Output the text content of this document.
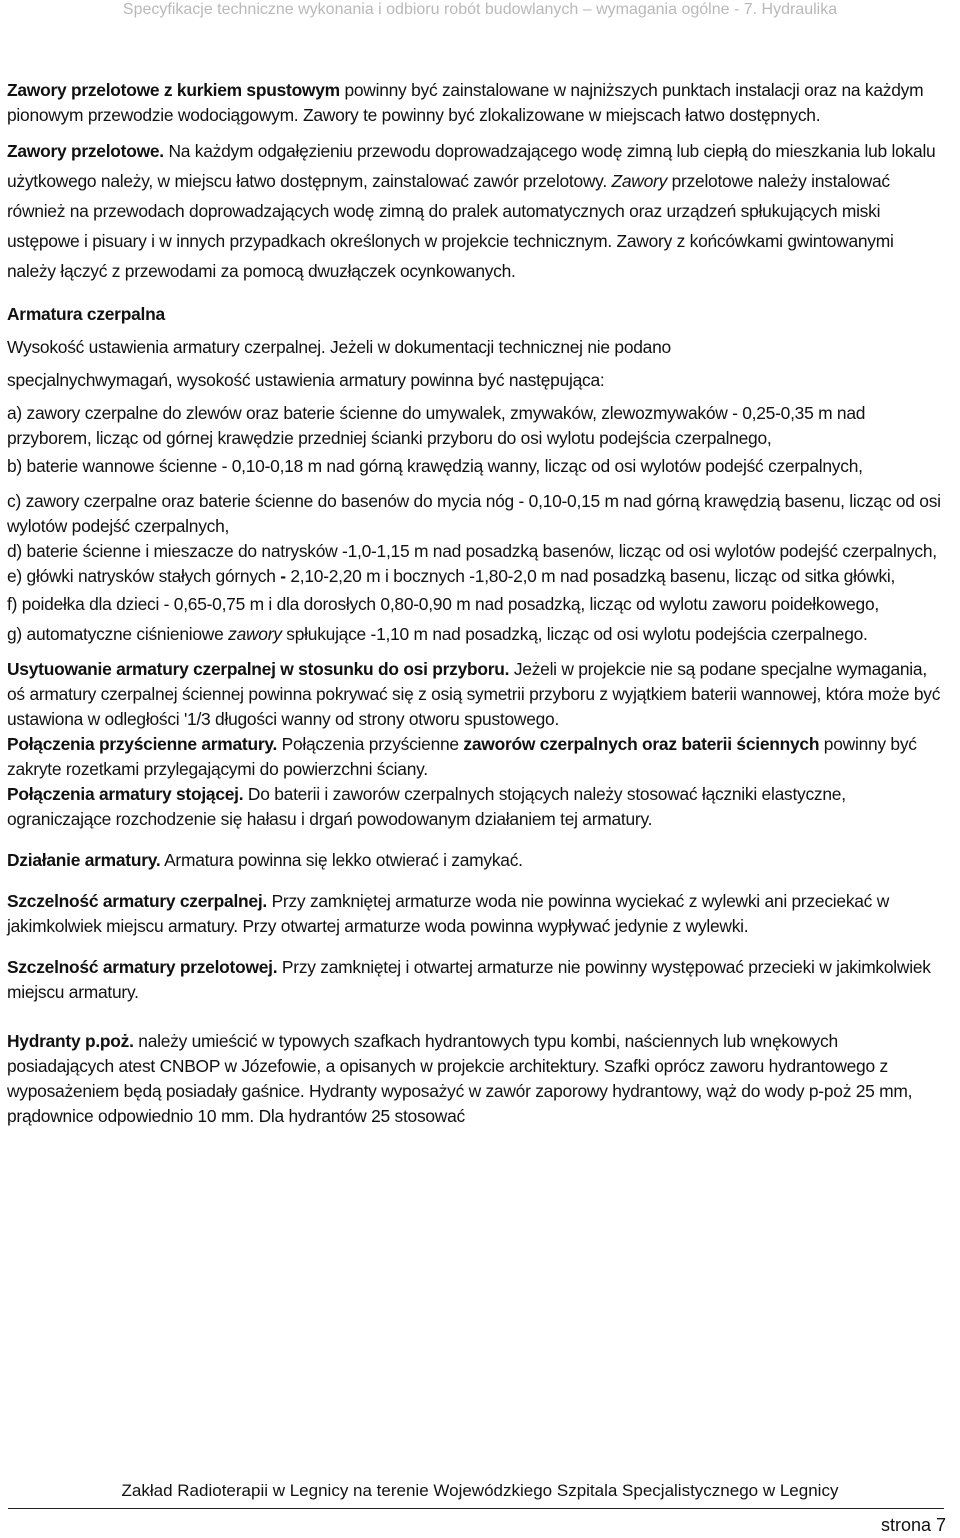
Specyfikacje techniczne wykonania i odbioru robót budowlanych – wymagania ogólne - 7. Hydraulika

Zawory przelotowe z kurkiem spustowym powinny być zainstalowane w najniższych punktach instalacji oraz na każdym pionowym przewodzie wodociągowym. Zawory te powinny być zlokalizowane w miejscach łatwo dostępnych.

Zawory przelotowe. Na każdym odgałęzieniu przewodu doprowadzającego wodę zimną lub ciepłą do mieszkania lub lokalu użytkowego należy, w miejscu łatwo dostępnym, zainstalować zawór przelotowy. Zawory przelotowe należy instalować również na przewodach doprowadzających wodę zimną do pralek automatycznych oraz urządzeń spłukujących miski ustępowe i pisuary i w innych przypadkach określonych w projekcie technicznym. Zawory z końcówkami gwintowanymi należy łączyć z przewodami za pomocą dwuzłączek ocynkowanych.

Armatura czerpalna

Wysokość ustawienia armatury czerpalnej. Jeżeli w dokumentacji technicznej nie podano

specjalnychwymagań, wysokość ustawienia armatury powinna być następująca:

a) zawory czerpalne do zlewów oraz baterie ścienne do umywalek, zmywaków, zlewozmywaków - 0,25-0,35 m nad przyborem, licząc od górnej krawędzie przedniej ścianki przyboru do osi wylotu podejścia czerpalnego,

b) baterie wannowe ścienne - 0,10-0,18 m nad górną krawędzią wanny, licząc od osi wylotów podejść czerpalnych,

c) zawory czerpalne oraz baterie ścienne do basenów do mycia nóg - 0,10-0,15 m nad górną krawędzią basenu, licząc od osi wylotów podejść czerpalnych,

d) baterie ścienne i mieszacze do natrysków -1,0-1,15 m nad posadzką basenów, licząc od osi wylotów podejść czerpalnych,

e) główki natrysków stałych górnych - 2,10-2,20 m i bocznych -1,80-2,0 m nad posadzką basenu, licząc od sitka główki,

f) poidełka dla dzieci - 0,65-0,75 m i dla dorosłych 0,80-0,90 m nad posadzką, licząc od wylotu zaworu poidełkowego,

g) automatyczne ciśnieniowe zawory spłukujące -1,10 m nad posadzką, licząc od osi wylotu podejścia czerpalnego.

Usytuowanie armatury czerpalnej w stosunku do osi przyboru. Jeżeli w projekcie nie są podane specjalne wymagania, oś armatury czerpalnej ściennej powinna pokrywać się z osią symetrii przyboru z wyjątkiem baterii wannowej, która może być ustawiona w odległości '1/3 długości wanny od strony otworu spustowego.

Połączenia przyścienne armatury. Połączenia przyścienne zaworów czerpalnych oraz baterii ściennych powinny być zakryte rozetkami przylegającymi do powierzchni ściany.

Połączenia armatury stojącej. Do baterii i zaworów czerpalnych stojących należy stosować łączniki elastyczne, ograniczające rozchodzenie się hałasu i drgań powodowanym działaniem tej armatury.

Działanie armatury. Armatura powinna się lekko otwierać i zamykać.

Szczelność armatury czerpalnej. Przy zamkniętej armaturze woda nie powinna wyciekać z wylewki ani przeciekać w jakimkolwiek miejscu armatury. Przy otwartej armaturze woda powinna wypływać jedynie z wylewki.

Szczelność armatury przelotowej. Przy zamkniętej i otwartej armaturze nie powinny występować przecieki w jakimkolwiek miejscu armatury.

Hydranty p.poż. należy umieścić w typowych szafkach hydrantowych typu kombi, naściennych lub wnękowych posiadających atest CNBOP w Józefowie, a opisanych w projekcie architektury. Szafki oprócz zaworu hydrantowego z wyposażeniem będą posiadały gaśnice. Hydranty wyposażyć w zawór zaporowy hydrantowy, wąż do wody p-poż 25 mm, prądownice odpowiednio 10 mm. Dla hydrantów 25 stosować

Zakład Radioterapii w Legnicy na terenie Wojewódzkiego Szpitala Specjalistycznego w Legnicy
strona 7
